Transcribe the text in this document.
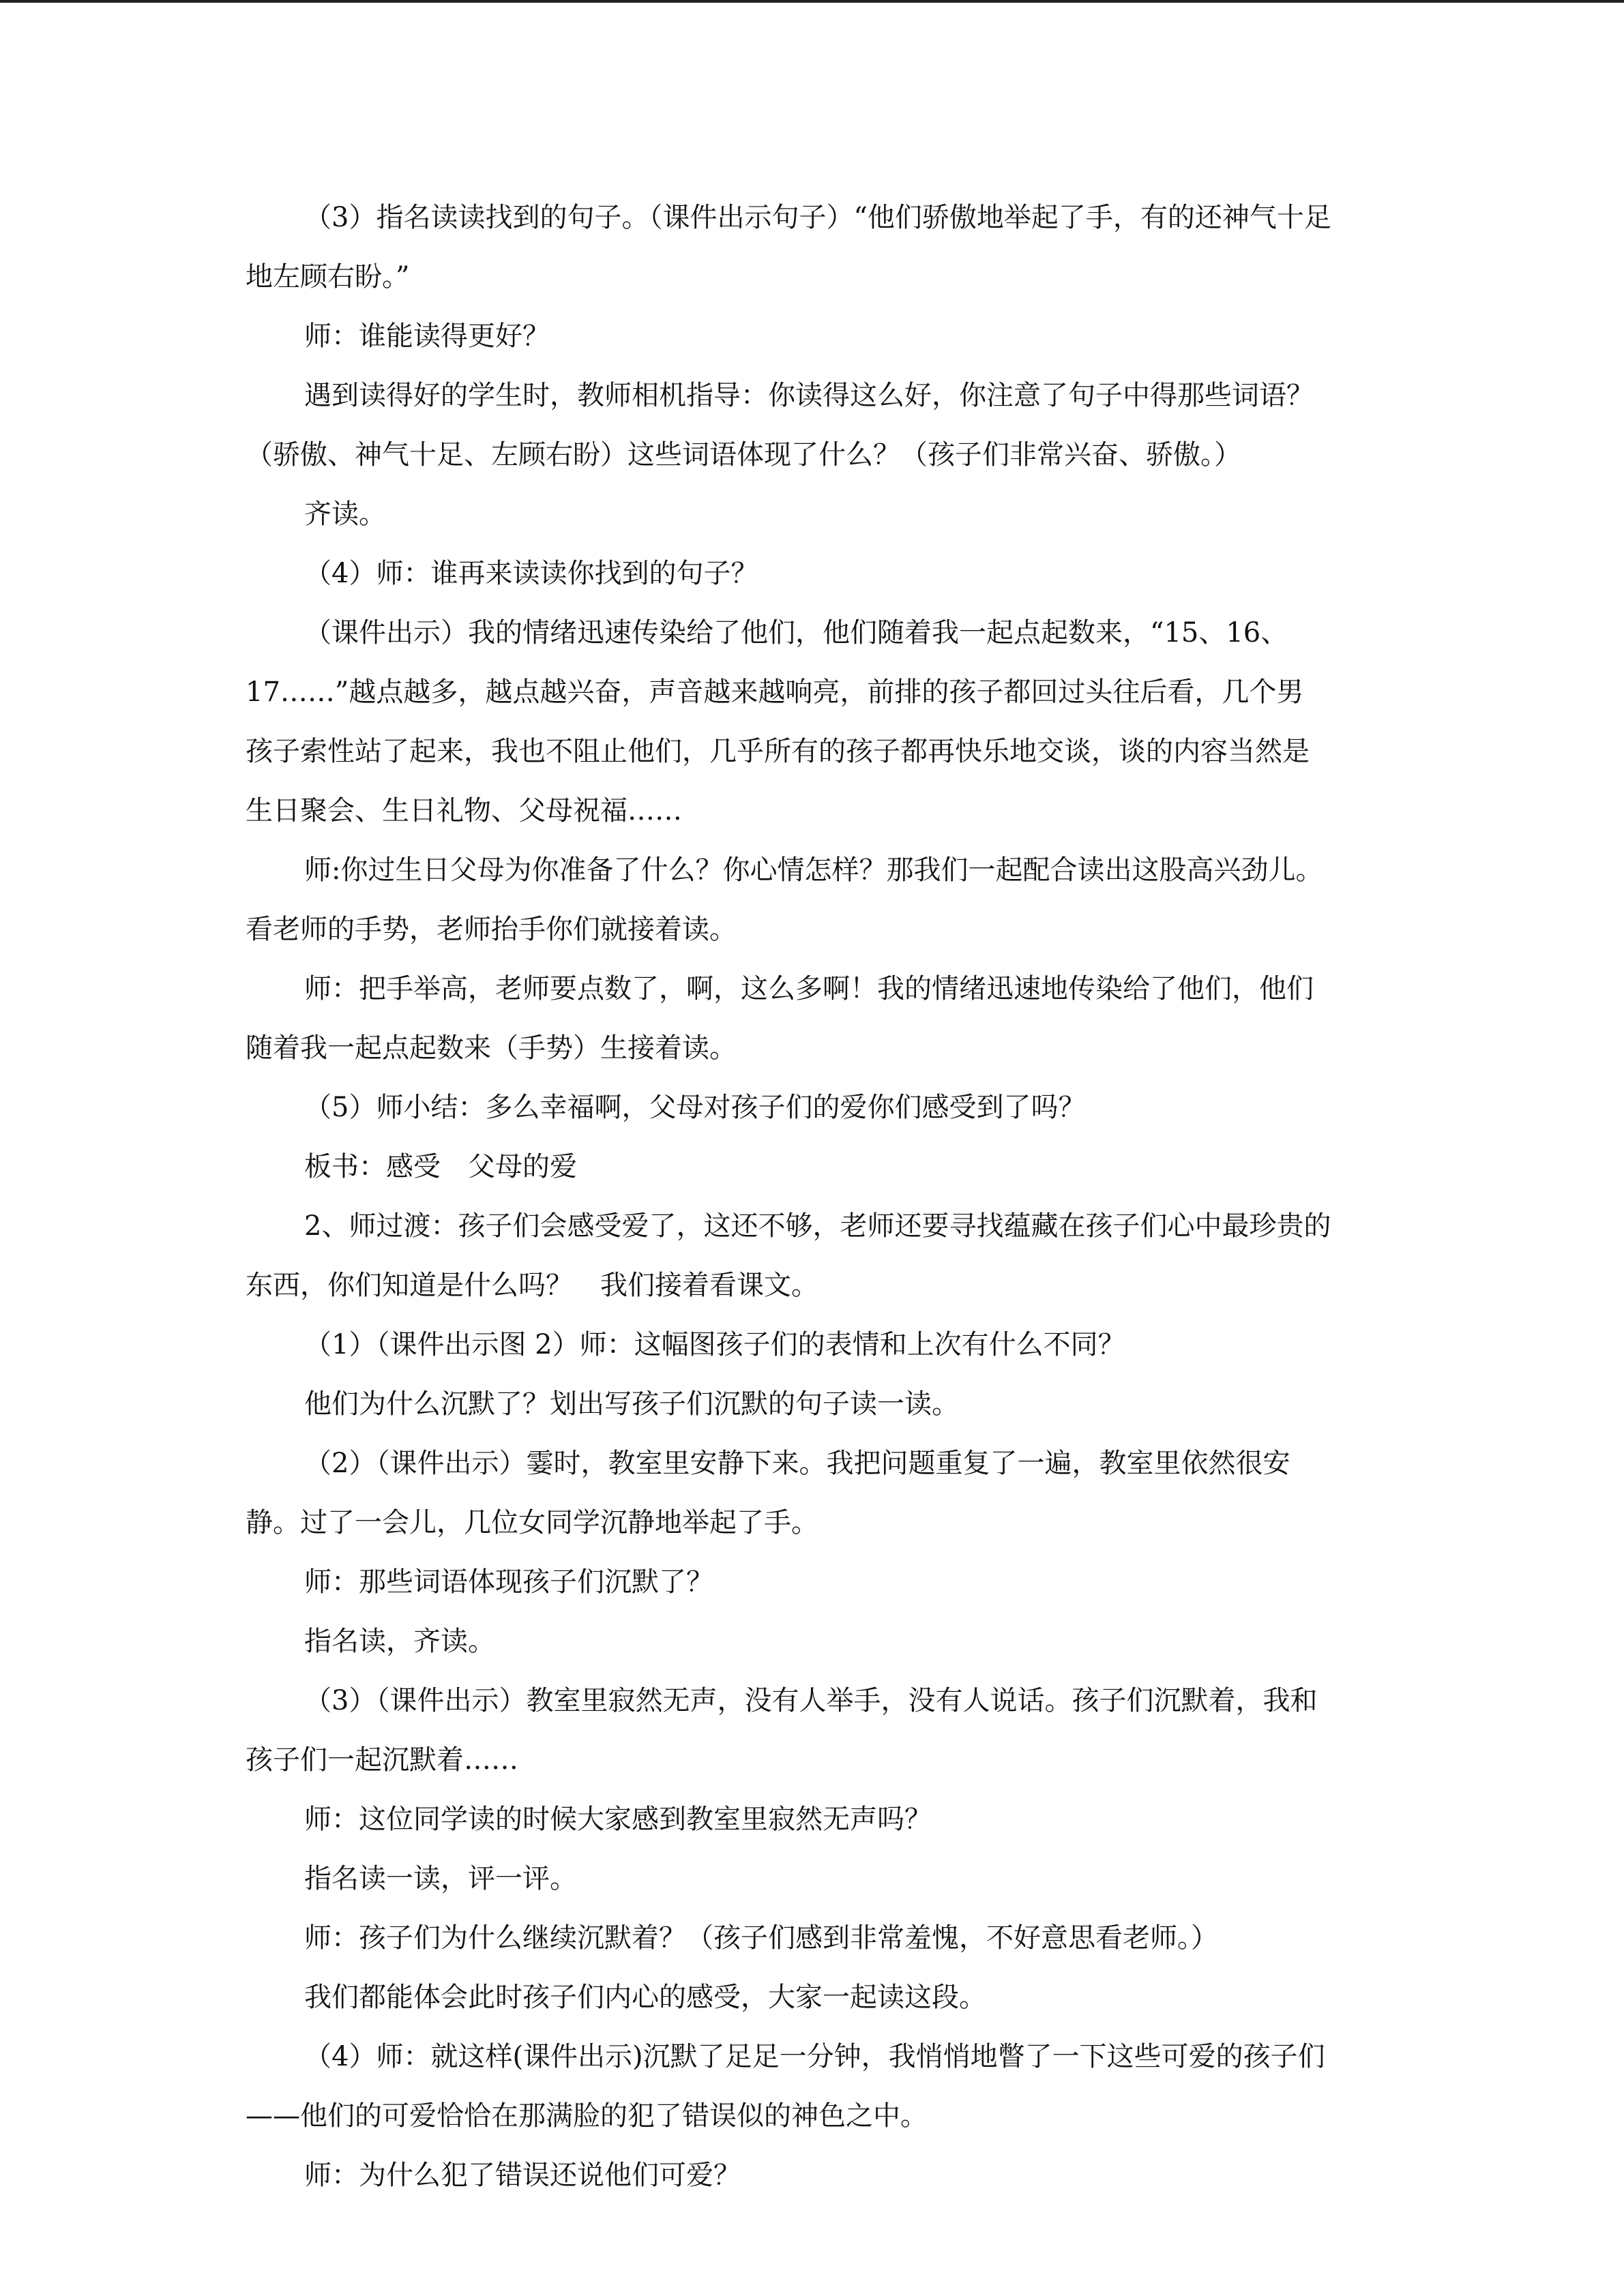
（3）指名读读找到的句子。（课件出示句子）“他们骄傲地举起了手，有的还神气十足
地左顾右盼。”
师：谁能读得更好？
遇到读得好的学生时，教师相机指导：你读得这么好，你注意了句子中得那些词语？
（骄傲、神气十足、左顾右盼）这些词语体现了什么？（孩子们非常兴奋、骄傲。）
齐读。
（4）师：谁再来读读你找到的句子？
（课件出示）我的情绪迅速传染给了他们，他们随着我一起点起数来，“15、16、
17……”越点越多，越点越兴奋，声音越来越响亮，前排的孩子都回过头往后看，几个男
孩子索性站了起来，我也不阻止他们，几乎所有的孩子都再快乐地交谈，谈的内容当然是
生日聚会、生日礼物、父母祝福……
师:你过生日父母为你准备了什么？你心情怎样？那我们一起配合读出这股高兴劲儿。
看老师的手势，老师抬手你们就接着读。
师：把手举高，老师要点数了，啊，这么多啊！我的情绪迅速地传染给了他们，他们
随着我一起点起数来（手势）生接着读。
（5）师小结：多么幸福啊，父母对孩子们的爱你们感受到了吗？
板书：感受　父母的爱
2、师过渡：孩子们会感受爱了，这还不够，老师还要寻找蕴藏在孩子们心中最珍贵的
东西，你们知道是什么吗？　我们接着看课文。
（1）（课件出示图 2）师：这幅图孩子们的表情和上次有什么不同？
他们为什么沉默了？划出写孩子们沉默的句子读一读。
（2）（课件出示）霎时，教室里安静下来。我把问题重复了一遍，教室里依然很安
静。过了一会儿，几位女同学沉静地举起了手。
师：那些词语体现孩子们沉默了？
指名读，齐读。
（3）（课件出示）教室里寂然无声，没有人举手，没有人说话。孩子们沉默着，我和
孩子们一起沉默着……
师：这位同学读的时候大家感到教室里寂然无声吗？
指名读一读，评一评。
师：孩子们为什么继续沉默着？（孩子们感到非常羞愧，不好意思看老师。）
我们都能体会此时孩子们内心的感受，大家一起读这段。
（4）师：就这样(课件出示)沉默了足足一分钟，我悄悄地瞥了一下这些可爱的孩子们
——他们的可爱恰恰在那满脸的犯了错误似的神色之中。
师：为什么犯了错误还说他们可爱？
